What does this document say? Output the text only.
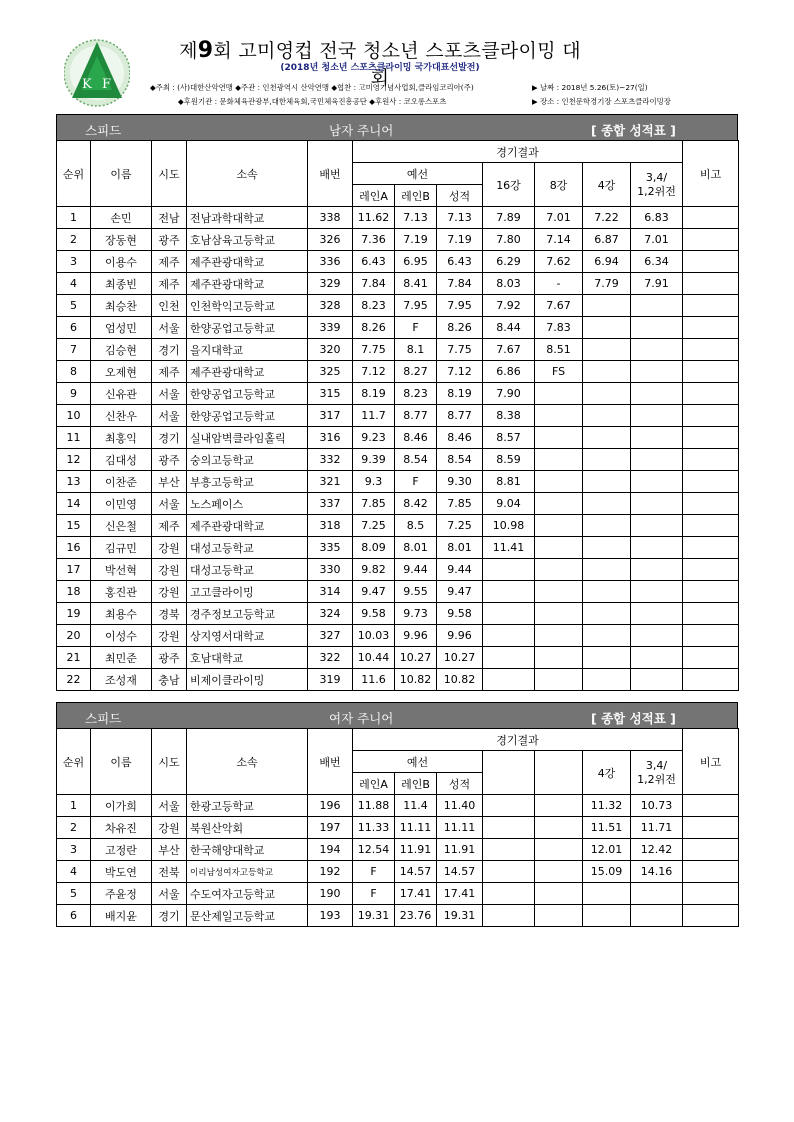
K F
제9회 고미영컵 전국 청소년 스포츠클라이밍 대회
(2018년 청소년 스포츠클라이밍 국가대표선발전)
◆주최 : (사)대한산악연맹 ◆주관 : 인천광역시 산악연맹 ◆협찬 : 고미영기념사업회,클라임코리아(주)
◆후원기관 : 문화체육관광부,대한체육회,국민체육진흥공단 ◆후원사 : 코오롱스포츠
▶ 날짜 : 2018년 5.26(토)~27(일)
▶ 장소 : 인천문학경기장 스포츠클라이밍장
스피드	남자 주니어	[ 종합 성적표 ]
순위	이름	시도	소속	배번	경기결과							비고
					예선			16강	8강	4강	3,4/
1,2위전	
					레인A	레인B	성적					
1	손민	전남	전남과학대학교	338	11.62	7.13	7.13	7.89	7.01	7.22	6.83	
2	장동현	광주	호남삼육고등학교	326	7.36	7.19	7.19	7.80	7.14	6.87	7.01	
3	이용수	제주	제주관광대학교	336	6.43	6.95	6.43	6.29	7.62	6.94	6.34	
4	최종빈	제주	제주관광대학교	329	7.84	8.41	7.84	8.03	-	7.79	7.91	
5	최승찬	인천	인천학익고등학교	328	8.23	7.95	7.95	7.92	7.67			
6	엄성민	서울	한양공업고등학교	339	8.26	F	8.26	8.44	7.83			
7	김승현	경기	을지대학교	320	7.75	8.1	7.75	7.67	8.51			
8	오제현	제주	제주관광대학교	325	7.12	8.27	7.12	6.86	FS			
9	신유관	서울	한양공업고등학교	315	8.19	8.23	8.19	7.90				
10	신찬우	서울	한양공업고등학교	317	11.7	8.77	8.77	8.38				
11	최홍익	경기	실내암벽클라임홀릭	316	9.23	8.46	8.46	8.57				
12	김대성	광주	숭의고등학교	332	9.39	8.54	8.54	8.59				
13	이찬준	부산	부흥고등학교	321	9.3	F	9.30	8.81				
14	이민영	서울	노스페이스	337	7.85	8.42	7.85	9.04				
15	신은철	제주	제주관광대학교	318	7.25	8.5	7.25	10.98				
16	김규민	강원	대성고등학교	335	8.09	8.01	8.01	11.41				
17	박선혁	강원	대성고등학교	330	9.82	9.44	9.44					
18	홍진관	강원	고고클라이밍	314	9.47	9.55	9.47					
19	최용수	경북	경주정보고등학교	324	9.58	9.73	9.58					
20	이성수	강원	상지영서대학교	327	10.03	9.96	9.96					
21	최민준	광주	호남대학교	322	10.44	10.27	10.27					
22	조성재	충남	비제이클라이밍	319	11.6	10.82	10.82					
스피드	여자 주니어	[ 종합 성적표 ]
순위	이름	시도	소속	배번	경기결과							비고
					예선					4강	3,4/
1,2위전	
					레인A	레인B	성적					
1	이가희	서울	한광고등학교	196	11.88	11.4	11.40			11.32	10.73	
2	차유진	강원	북원산악회	197	11.33	11.11	11.11			11.51	11.71	
3	고정란	부산	한국해양대학교	194	12.54	11.91	11.91			12.01	12.42	
4	박도연	전북	이리남성여자고등학교	192	F	14.57	14.57			15.09	14.16	
5	주윤정	서울	수도여자고등학교	190	F	17.41	17.41					
6	배지윤	경기	문산제일고등학교	193	19.31	23.76	19.31					
